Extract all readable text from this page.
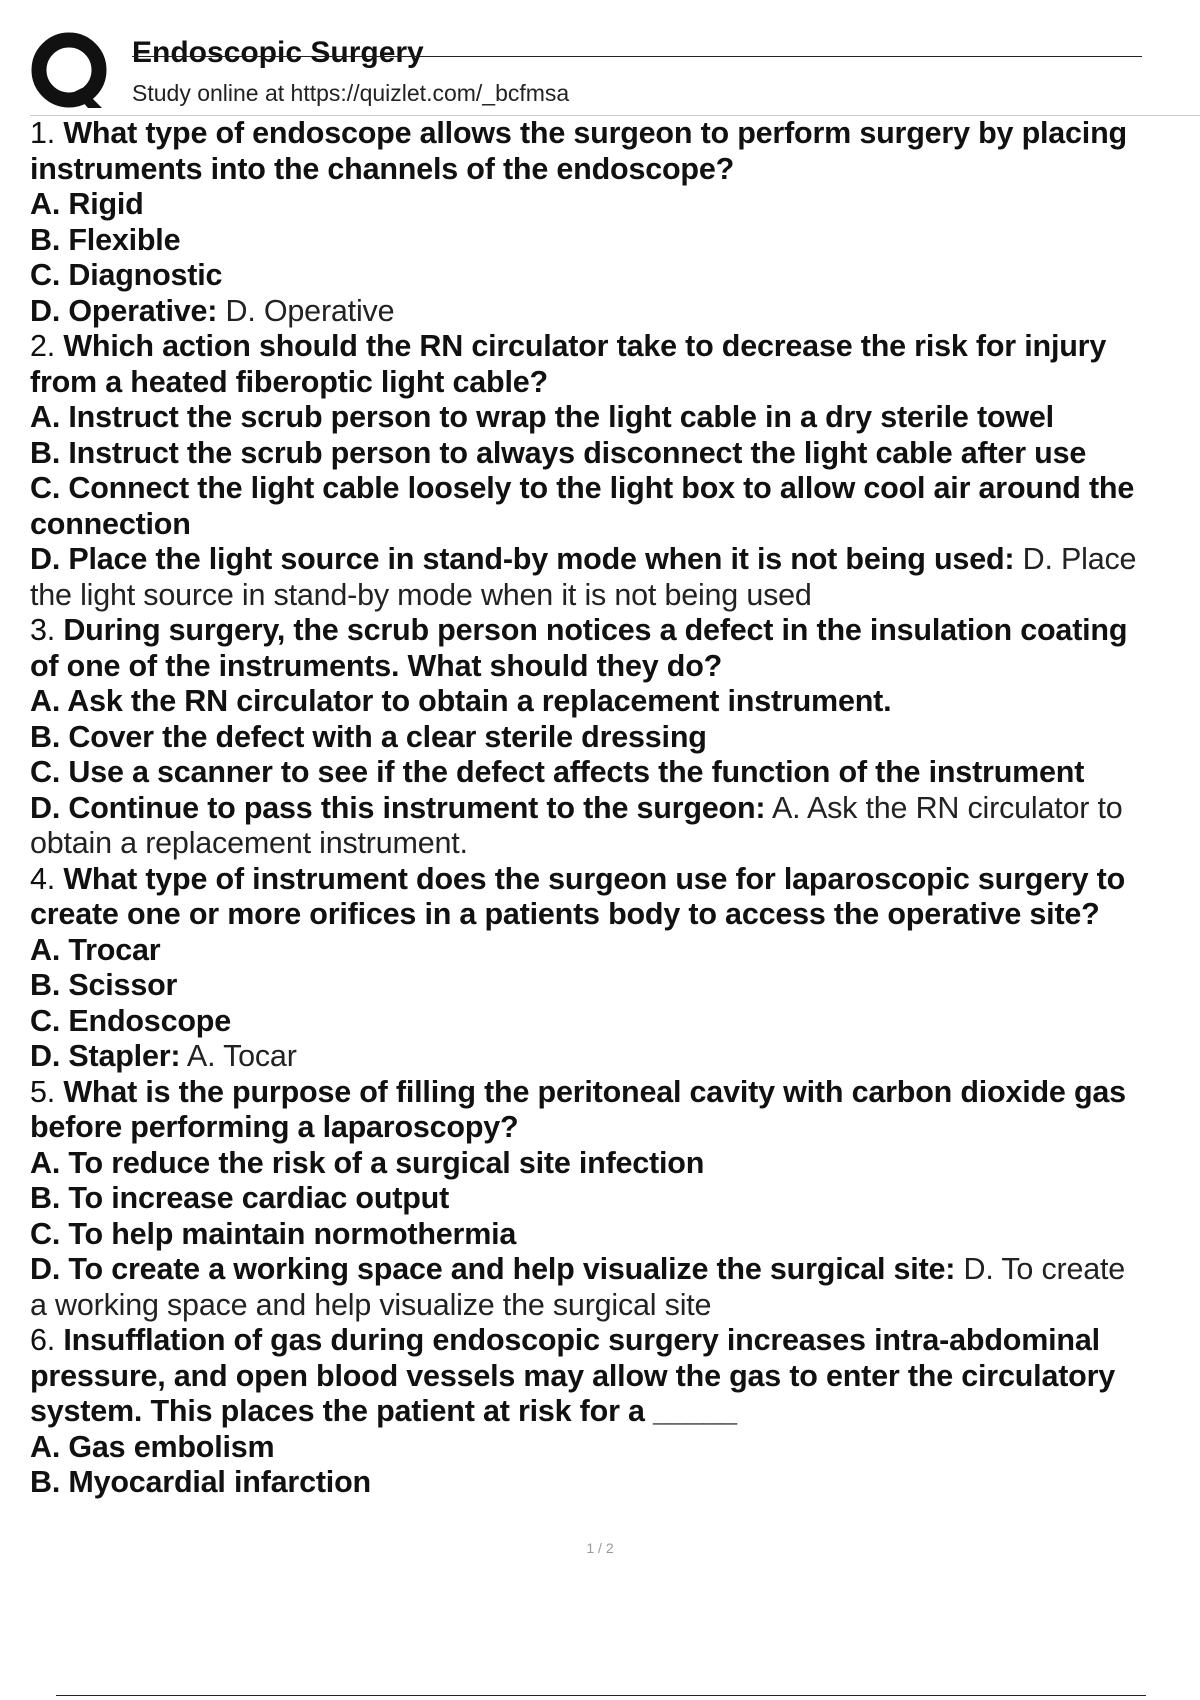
Endoscopic Surgery
Study online at https://quizlet.com/_bcfmsa
1. What type of endoscope allows the surgeon to perform surgery by placing
instruments into the channels of the endoscope?
A. Rigid
B. Flexible
C. Diagnostic
D. Operative: D. Operative
2. Which action should the RN circulator take to decrease the risk for injury
from a heated fiberoptic light cable?
A. Instruct the scrub person to wrap the light cable in a dry sterile towel
B. Instruct the scrub person to always disconnect the light cable after use
C. Connect the light cable loosely to the light box to allow cool air around the
connection
D. Place the light source in stand-by mode when it is not being used: D. Place
the light source in stand-by mode when it is not being used
3. During surgery, the scrub person notices a defect in the insulation coating
of one of the instruments. What should they do?
A. Ask the RN circulator to obtain a replacement instrument.
B. Cover the defect with a clear sterile dressing
C. Use a scanner to see if the defect affects the function of the instrument
D. Continue to pass this instrument to the surgeon: A. Ask the RN circulator to
obtain a replacement instrument.
4. What type of instrument does the surgeon use for laparoscopic surgery to
create one or more orifices in a patients body to access the operative site?
A. Trocar
B. Scissor
C. Endoscope
D. Stapler: A. Tocar
5. What is the purpose of filling the peritoneal cavity with carbon dioxide gas
before performing a laparoscopy?
A. To reduce the risk of a surgical site infection
B. To increase cardiac output
C. To help maintain normothermia
D. To create a working space and help visualize the surgical site: D. To create
a working space and help visualize the surgical site
6. Insufflation of gas during endoscopic surgery increases intra-abdominal
pressure, and open blood vessels may allow the gas to enter the circulatory
system. This places the patient at risk for a _____
A. Gas embolism
B. Myocardial infarction
1 / 2
